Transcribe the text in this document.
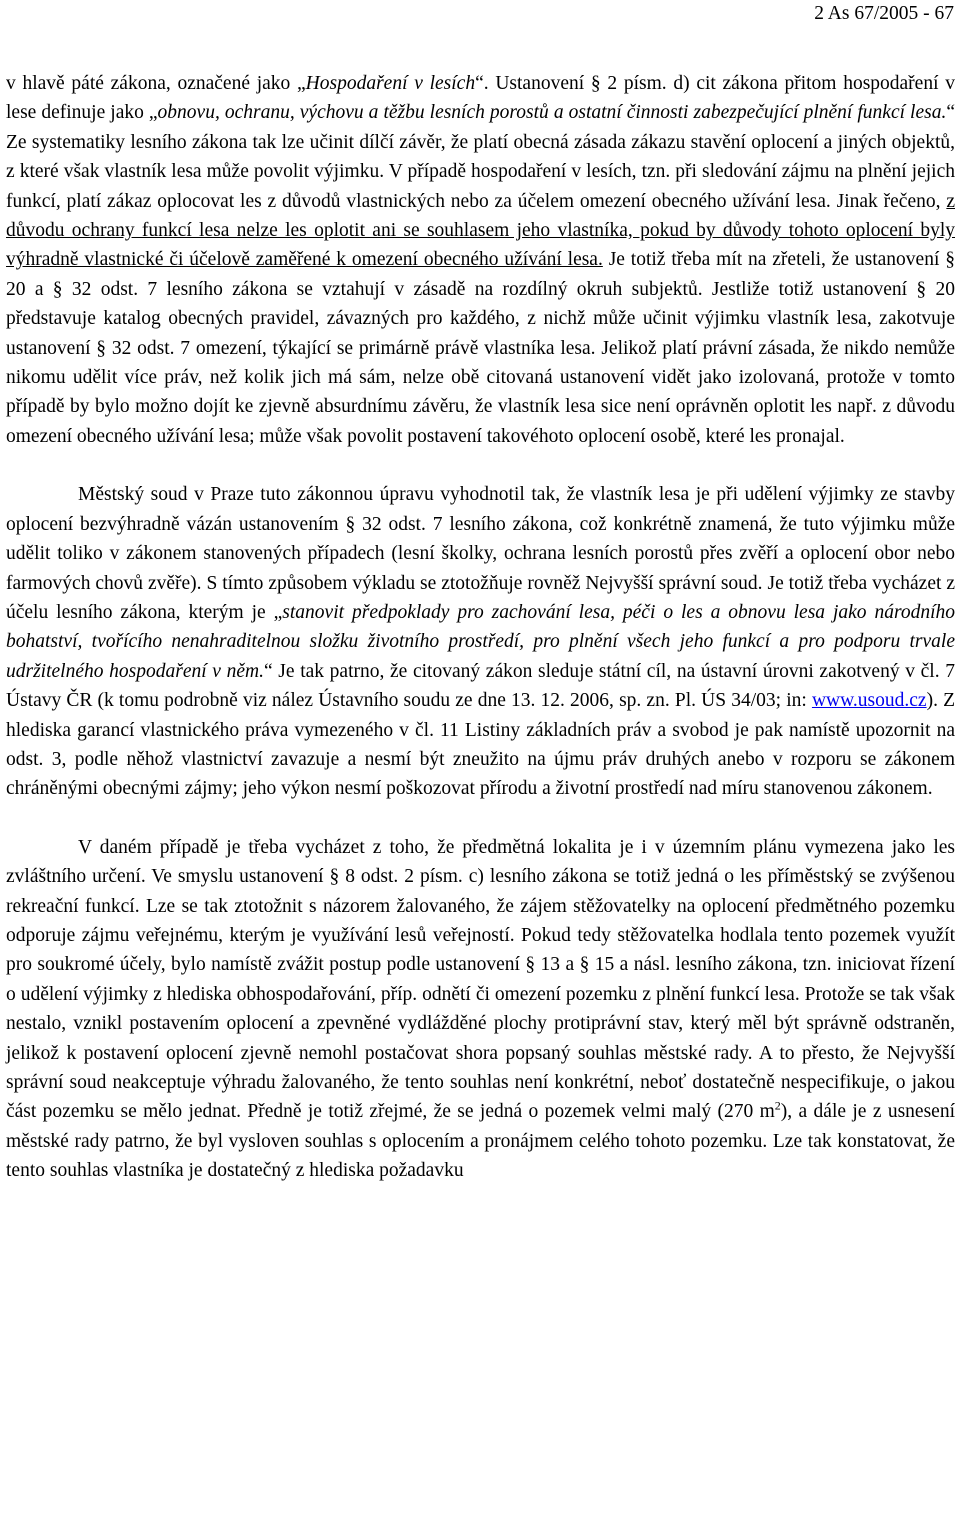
2 As 67/2005 - 67

v hlavě páté zákona, označené jako „Hospodaření v lesích“. Ustanovení § 2 písm. d) cit zákona přitom hospodaření v lese definuje jako „obnovu, ochranu, výchovu a těžbu lesních porostů a ostatní činnosti zabezpečující plnění funkcí lesa.“ Ze systematiky lesního zákona tak lze učinit dílčí závěr, že platí obecná zásada zákazu stavění oplocení a jiných objektů, z které však vlastník lesa může povolit výjimku. V případě hospodaření v lesích, tzn. při sledování zájmu na plnění jejich funkcí, platí zákaz oplocovat les z důvodů vlastnických nebo za účelem omezení obecného užívání lesa. Jinak řečeno, z důvodu ochrany funkcí lesa nelze les oplotit ani se souhlasem jeho vlastníka, pokud by důvody tohoto oplocení byly výhradně vlastnické či účelově zaměřené k omezení obecného užívání lesa. Je totiž třeba mít na zřeteli, že ustanovení § 20 a § 32 odst. 7 lesního zákona se vztahují v zásadě na rozdílný okruh subjektů. Jestliže totiž ustanovení § 20 představuje katalog obecných pravidel, závazných pro každého, z nichž může učinit výjimku vlastník lesa, zakotvuje ustanovení § 32 odst. 7 omezení, týkající se primárně právě vlastníka lesa. Jelikož platí právní zásada, že nikdo nemůže nikomu udělit více práv, než kolik jich má sám, nelze obě citovaná ustanovení vidět jako izolovaná, protože v tomto případě by bylo možno dojít ke zjevně absurdnímu závěru, že vlastník lesa sice není oprávněn oplotit les např. z důvodu omezení obecného užívání lesa; může však povolit postavení takovéhoto oplocení osobě, které les pronajal.

Městský soud v Praze tuto zákonnou úpravu vyhodnotil tak, že vlastník lesa je při udělení výjimky ze stavby oplocení bezvýhradně vázán ustanovením § 32 odst. 7 lesního zákona, což konkrétně znamená, že tuto výjimku může udělit toliko v zákonem stanovených případech (lesní školky, ochrana lesních porostů přes zvěří a oplocení obor nebo farmových chovů zvěře). S tímto způsobem výkladu se ztotožňuje rovněž Nejvyšší správní soud. Je totiž třeba vycházet z účelu lesního zákona, kterým je „stanovit předpoklady pro zachování lesa, péči o les a obnovu lesa jako národního bohatství, tvořícího nenahraditelnou složku životního prostředí, pro plnění všech jeho funkcí a pro podporu trvale udržitelného hospodaření v něm.“ Je tak patrno, že citovaný zákon sleduje státní cíl, na ústavní úrovni zakotvený v čl. 7 Ústavy ČR (k tomu podrobně viz nález Ústavního soudu ze dne 13. 12. 2006, sp. zn. Pl. ÚS 34/03; in: www.usoud.cz). Z hlediska garancí vlastnického práva vymezeného v čl. 11 Listiny základních práv a svobod je pak namístě upozornit na odst. 3, podle něhož vlastnictví zavazuje a nesmí být zneužito na újmu práv druhých anebo v rozporu se zákonem chráněnými obecnými zájmy; jeho výkon nesmí poškozovat přírodu a životní prostředí nad míru stanovenou zákonem.

V daném případě je třeba vycházet z toho, že předmětná lokalita je i v územním plánu vymezena jako les zvláštního určení. Ve smyslu ustanovení § 8 odst. 2 písm. c) lesního zákona se totiž jedná o les příměstský se zvýšenou rekreační funkcí. Lze se tak ztotožnit s názorem žalovaného, že zájem stěžovatelky na oplocení předmětného pozemku odporuje zájmu veřejnému, kterým je využívání lesů veřejností. Pokud tedy stěžovatelka hodlala tento pozemek využít pro soukromé účely, bylo namístě zvážit postup podle ustanovení § 13 a § 15 a násl. lesního zákona, tzn. iniciovat řízení o udělení výjimky z hlediska obhospodařování, příp. odnětí či omezení pozemku z plnění funkcí lesa. Protože se tak však nestalo, vznikl postavením oplocení a zpevněné vydlážděné plochy protiprávní stav, který měl být správně odstraněn, jelikož k postavení oplocení zjevně nemohl postačovat shora popsaný souhlas městské rady. A to přesto, že Nejvyšší správní soud neakceptuje výhradu žalovaného, že tento souhlas není konkrétní, neboť dostatečně nespecifikuje, o jakou část pozemku se mělo jednat. Předně je totiž zřejmé, že se jedná o pozemek velmi malý (270 $m^2$), a dále je z usnesení městské rady patrno, že byl vysloven souhlas s oplocením a pronájmem celého tohoto pozemku. Lze tak konstatovat, že tento souhlas vlastníka je dostatečný z hlediska požadavku
